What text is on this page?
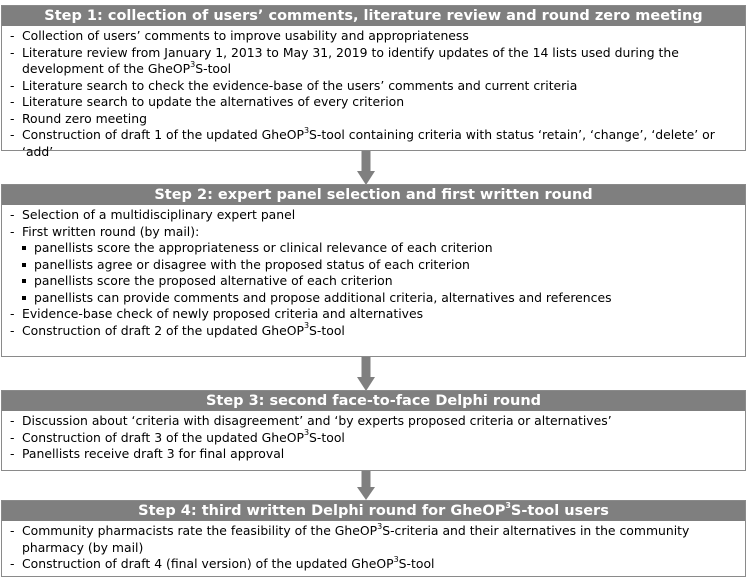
Step 1: collection of users’ comments, literature review and round zero meeting
- Collection of users’ comments to improve usability and appropriateness
- Literature review from January 1, 2013 to May 31, 2019 to identify updates of the 14 lists used during the development of the GheOP$^3$S-tool
- Literature search to check the evidence-base of the users’ comments and current criteria
- Literature search to update the alternatives of every criterion
- Round zero meeting
- Construction of draft 1 of the updated GheOP$^3$S-tool containing criteria with status ‘retain’, ‘change’, ‘delete’ or ‘add’
Step 2: expert panel selection and first written round
- Selection of a multidisciplinary expert panel
- First written round (by mail):
panellists score the appropriateness or clinical relevance of each criterion
panellists agree or disagree with the proposed status of each criterion
panellists score the proposed alternative of each criterion
panellists can provide comments and propose additional criteria, alternatives and references
- Evidence-base check of newly proposed criteria and alternatives
- Construction of draft 2 of the updated GheOP$^3$S-tool
Step 3: second face-to-face Delphi round
- Discussion about ‘criteria with disagreement’ and ‘by experts proposed criteria or alternatives’
- Construction of draft 3 of the updated GheOP$^3$S-tool
- Panellists receive draft 3 for final approval
Step 4: third written Delphi round for GheOP$^3$S-tool users
- Community pharmacists rate the feasibility of the GheOP$^3$S-criteria and their alternatives in the community pharmacy (by mail)
- Construction of draft 4 (final version) of the updated GheOP$^3$S-tool
